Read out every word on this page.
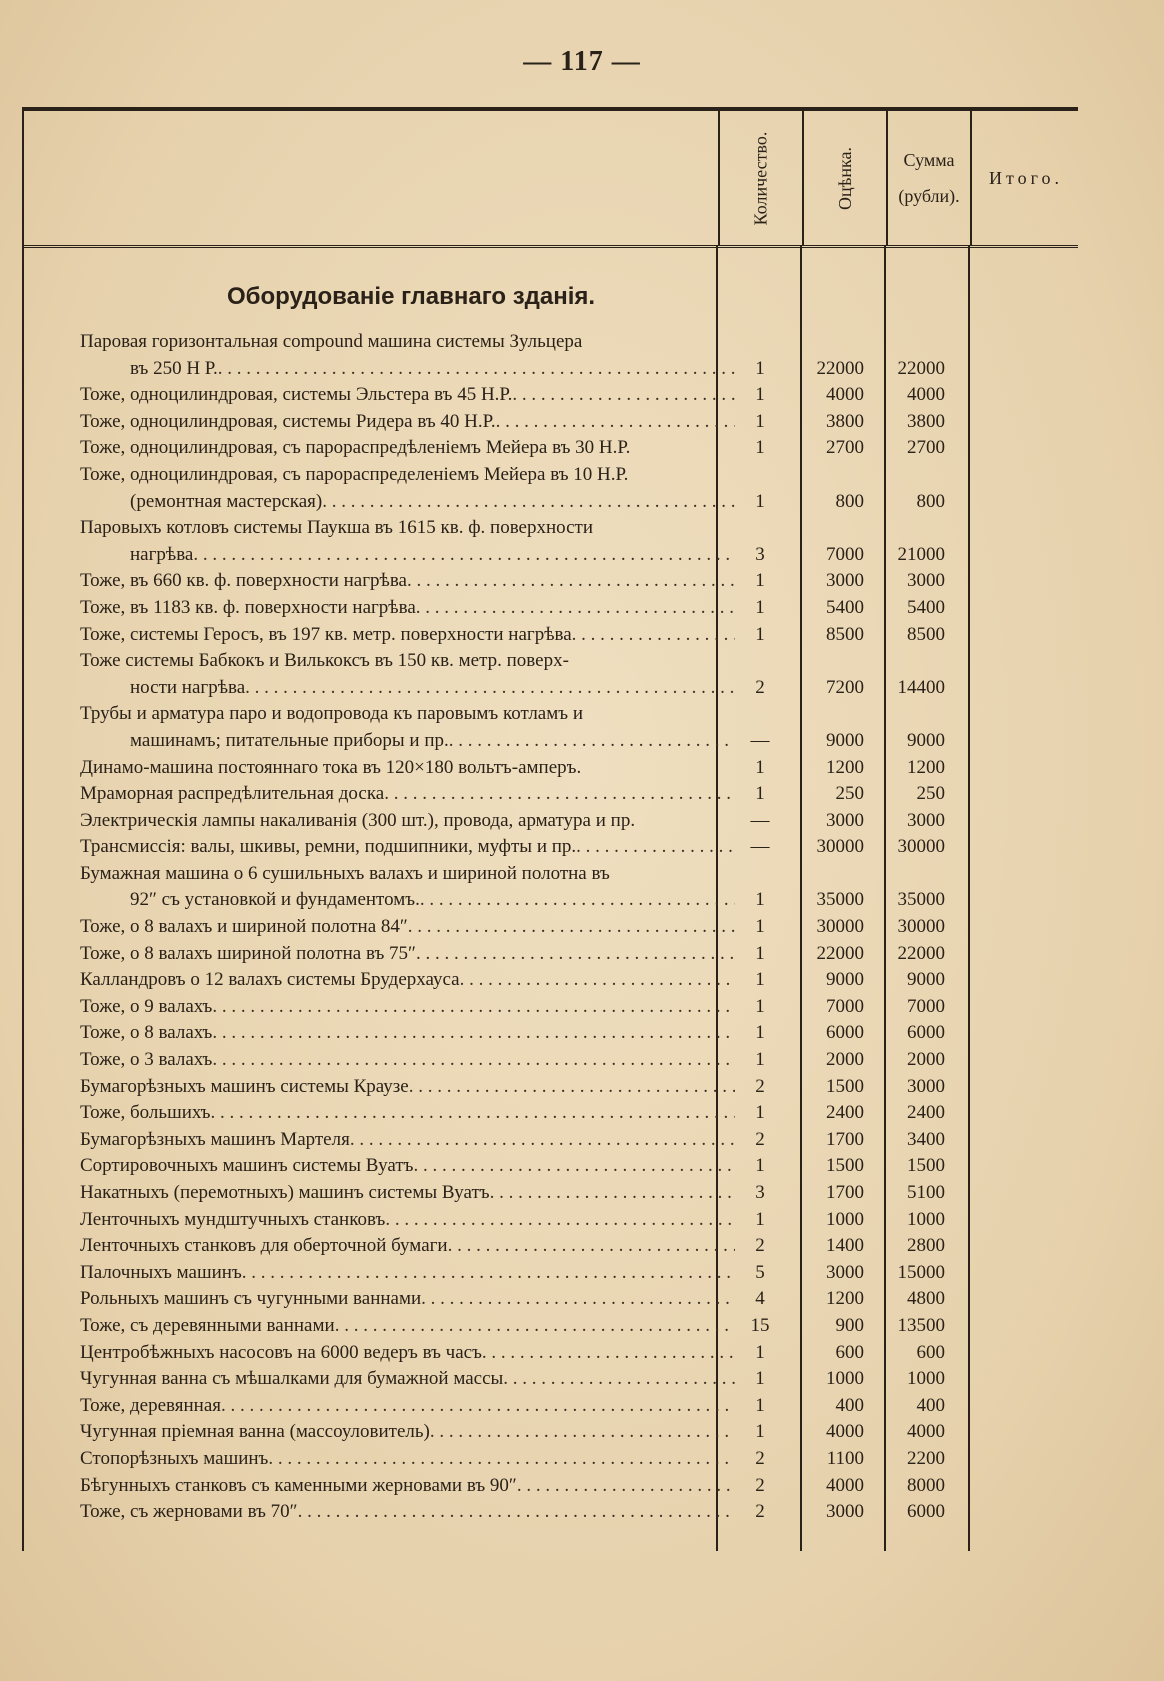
— 117 —
Количество.	Оцѣнка.	Сумма
(рубли).
Итого.
Оборудованіе главнаго зданія.
Паровая горизонтальная compound машина системы Зульцера
въ 250 Н Р. . . .	1	22000	22000
Тоже, одноцилиндровая, системы Эльстера въ 45 Н.Р. . . .	1	4000	4000
Тоже, одноцилиндровая, системы Ридера въ 40 Н.Р. . . .	1	3800	3800
Тоже, одноцилиндровая, съ парораспредѣленіемъ Мейера въ 30 Н.Р.	1	2700	2700
Тоже, одноцилиндровая, съ парораспределеніемъ Мейера въ 10 Н.Р.
(ремонтная мастерская) . . .	1	800	800
Паровыхъ котловъ системы Паукша въ 1615 кв. ф. поверхности
нагрѣва . . .	3	7000	21000
Тоже, въ 660 кв. ф. поверхности нагрѣва . . .	1	3000	3000
Тоже, въ 1183 кв. ф. поверхности нагрѣва . . .	1	5400	5400
Тоже, системы Геросъ, въ 197 кв. метр. поверхности нагрѣва . . .	1	8500	8500
Тоже системы Бабкокъ и Вилькоксъ въ 150 кв. метр. поверх-
ности нагрѣва . . .	2	7200	14400
Трубы и арматура паро и водопровода къ паровымъ котламъ и
машинамъ; питательные приборы и пр. . . .	—	9000	9000
Динамо-машина постояннаго тока въ 120×180 вольтъ-амперъ.	1	1200	1200
Мраморная распредѣлительная доска . . .	1	250	250
Электрическія лампы накаливанія (300 шт.), провода, арматура и пр.	—	3000	3000
Трансмиссія: валы, шкивы, ремни, подшипники, муфты и пр. . . .	—	30000	30000
Бумажная машина о 6 сушильныхъ валахъ и шириной полотна въ
92″ съ установкой и фундаментомъ. . . .	1	35000	35000
Тоже, о 8 валахъ и шириной полотна 84″ . . .	1	30000	30000
Тоже, о 8 валахъ шириной полотна въ 75″ . . .	1	22000	22000
Калландровъ о 12 валахъ системы Брудерхауса . . .	1	9000	9000
Тоже, о 9 валахъ . . .	1	7000	7000
Тоже, о 8 валахъ . . .	1	6000	6000
Тоже, о 3 валахъ . . .	1	2000	2000
Бумагорѣзныхъ машинъ системы Краузе . . .	2	1500	3000
Тоже, большихъ . . .	1	2400	2400
Бумагорѣзныхъ машинъ Мартеля . . .	2	1700	3400
Сортировочныхъ машинъ системы Вуатъ . . .	1	1500	1500
Накатныхъ (перемотныхъ) машинъ системы Вуатъ . . .	3	1700	5100
Ленточныхъ мундштучныхъ станковъ . . .	1	1000	1000
Ленточныхъ станковъ для оберточной бумаги . . .	2	1400	2800
Палочныхъ машинъ . . .	5	3000	15000
Рольныхъ машинъ съ чугунными ваннами . . .	4	1200	4800
Тоже, съ деревянными ваннами . . .	15	900	13500
Центробѣжныхъ насосовъ на 6000 ведеръ въ часъ . . .	1	600	600
Чугунная ванна съ мѣшалками для бумажной массы . . .	1	1000	1000
Тоже, деревянная . . .	1	400	400
Чугунная пріемная ванна (массоуловитель) . . .	1	4000	4000
Стопорѣзныхъ машинъ . . .	2	1100	2200
Бѣгунныхъ станковъ съ каменными жерновами въ 90″ . . .	2	4000	8000
Тоже, съ жерновами въ 70″ . . .	2	3000	6000
